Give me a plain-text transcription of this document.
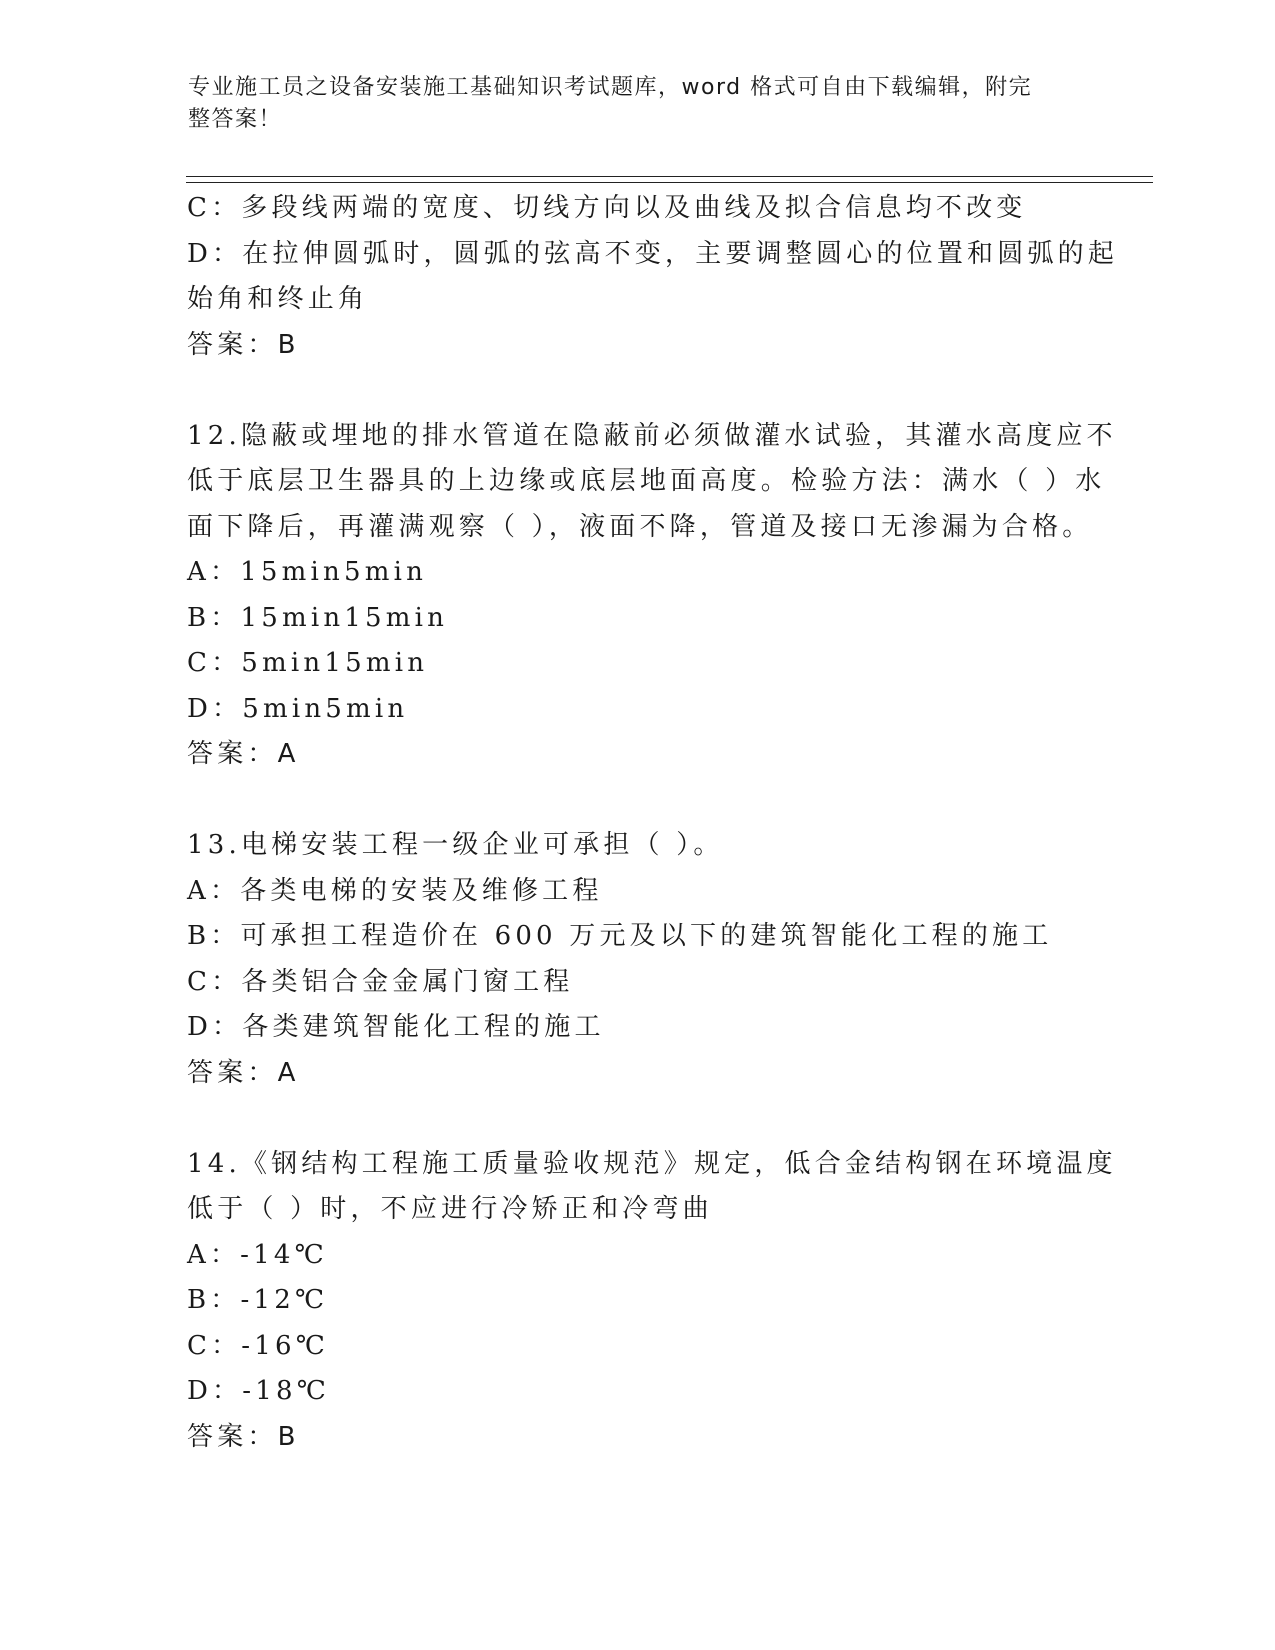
专业施工员之设备安装施工基础知识考试题库，word 格式可自由下载编辑，附完
整答案！
C：多段线两端的宽度、切线方向以及曲线及拟合信息均不改变
D：在拉伸圆弧时，圆弧的弦高不变，主要调整圆心的位置和圆弧的起
始角和终止角
答案：B
12.隐蔽或埋地的排水管道在隐蔽前必须做灌水试验，其灌水高度应不
低于底层卫生器具的上边缘或底层地面高度。检验方法：满水（ ）水
面下降后，再灌满观察（ ），液面不降，管道及接口无渗漏为合格。
A：15min5min
B：15min15min
C：5min15min
D：5min5min
答案：A
13.电梯安装工程一级企业可承担（ ）。
A：各类电梯的安装及维修工程
B：可承担工程造价在 600 万元及以下的建筑智能化工程的施工
C：各类铝合金金属门窗工程
D：各类建筑智能化工程的施工
答案：A
14.《钢结构工程施工质量验收规范》规定，低合金结构钢在环境温度
低于（ ）时，不应进行冷矫正和冷弯曲
A：-14℃
B：-12℃
C：-16℃
D：-18℃
答案：B
